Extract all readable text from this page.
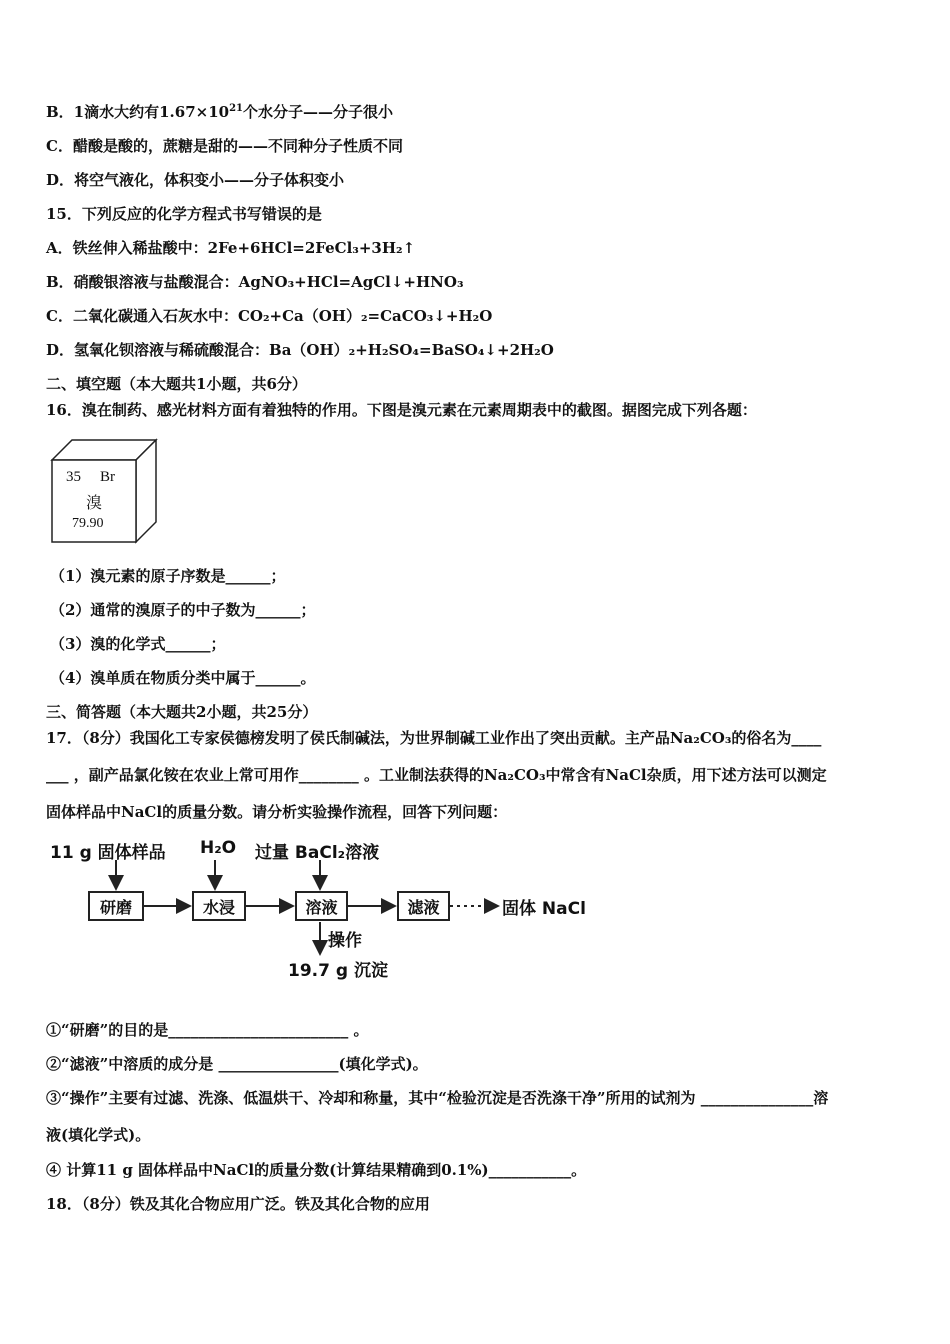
B．1滴水大约有$1.67\times 10^{21}$个水分子——分子很小
C．醋酸是酸的，蔗糖是甜的——不同种分子性质不同
D．将空气液化，体积变小——分子体积变小
15．下列反应的化学方程式书写错误的是
A．铁丝伸入稀盐酸中：2Fe+6HCl=2FeCl₃+3H₂↑
B．硝酸银溶液与盐酸混合：AgNO₃+HCl=AgCl↓+HNO₃
C．二氧化碳通入石灰水中：CO₂+Ca（OH）₂=CaCO₃↓+H₂O
D．氢氧化钡溶液与稀硫酸混合：Ba（OH）₂+H₂SO₄=BaSO₄↓+2H₂O
二、填空题（本大题共1小题，共6分）
16．溴在制药、感光材料方面有着独特的作用。下图是溴元素在元素周期表中的截图。据图完成下列各题：
35 Br
溴
79.90
（1）溴元素的原子序数是______；
（2）通常的溴原子的中子数为______；
（3）溴的化学式______；
（4）溴单质在物质分类中属于______。
三、简答题（本大题共2小题，共25分）
17．（8分）我国化工专家侯德榜发明了侯氏制碱法，为世界制碱工业作出了突出贡献。主产品Na₂CO₃的俗名为____
___ ，副产品氯化铵在农业上常可用作________ 。工业制法获得的Na₂CO₃中常含有NaCl杂质，用下述方法可以测定
固体样品中NaCl的质量分数。请分析实验操作流程，回答下列问题：
11 g 固体样品 H₂O 过量 BaCl₂溶液
研磨	水浸	溶液	滤液	固体 NaCl
操作
19.7 g 沉淀
①“研磨”的目的是________________________ 。
②“滤液”中溶质的成分是 ________________(填化学式)。
③“操作”主要有过滤、洗涤、低温烘干、冷却和称量，其中“检验沉淀是否洗涤干净”所用的试剂为 _______________溶
液(填化学式)。
④ 计算11 g 固体样品中NaCl的质量分数(计算结果精确到0.1%)___________。
18．（8分）铁及其化合物应用广泛。铁及其化合物的应用
